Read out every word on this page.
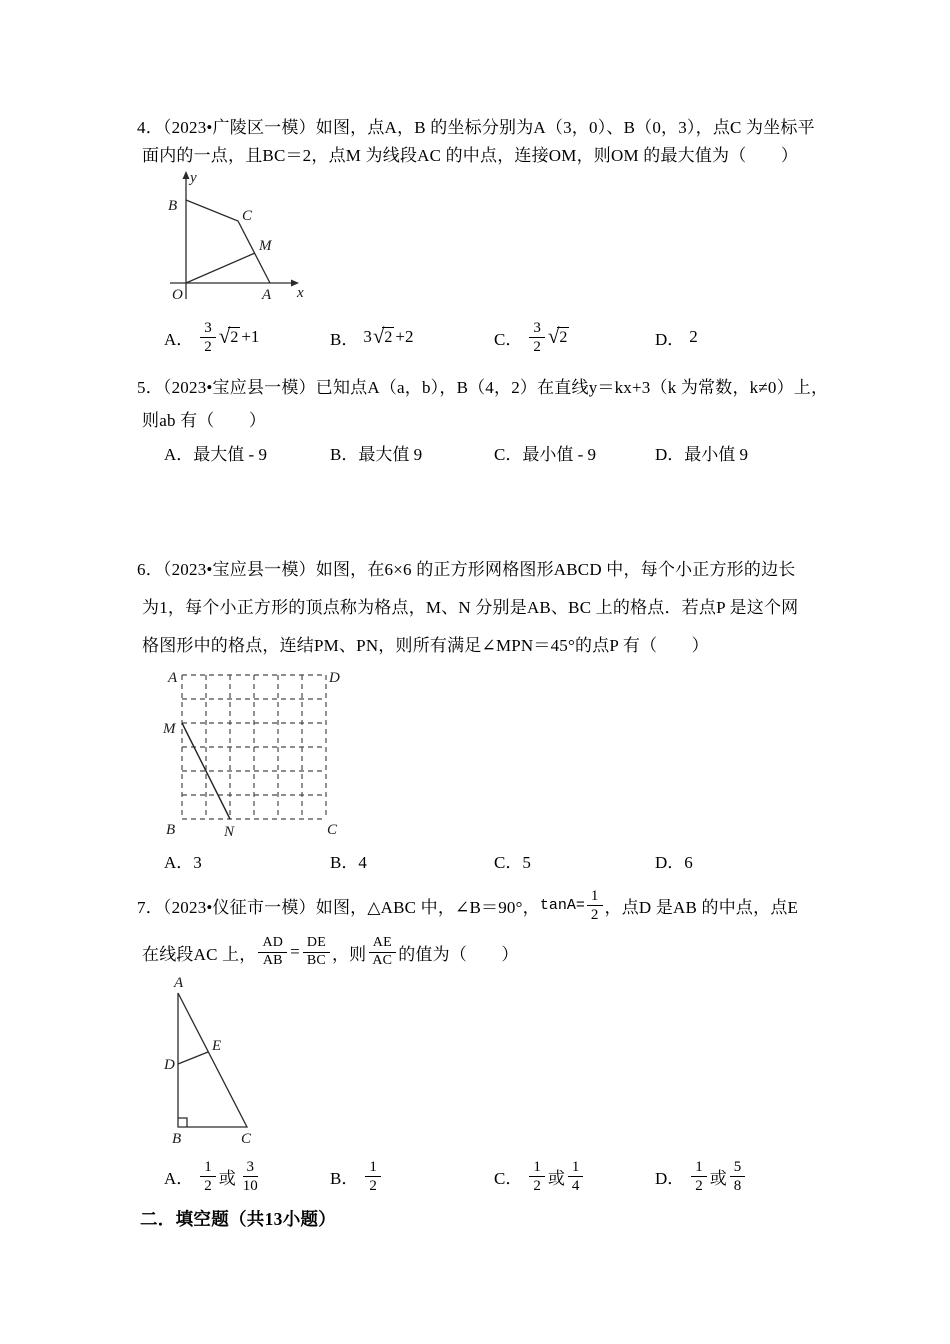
4．（2023•广陵区一模）如图，点A，B 的坐标分别为A（3，0）、B（0，3），点C 为坐标平
面内的一点，且BC＝2，点M 为线段AC 的中点，连接OM，则OM 的最大值为（　　）
y
x
O
B
C
M
A
A． $\frac{3}{2}$ √ 2 +1	B． 3 √ 2 +2	C． $\frac{3}{2}$ √ 2	D． 2
5．（2023•宝应县一模）已知点A（a，b），B（4，2）在直线y＝kx+3（k 为常数，k≠0）上，
则ab 有（　　）
A．最大值 - 9	B．最大值 9	C．最小值 - 9	D．最小值 9
6．（2023•宝应县一模）如图，在6×6 的正方形网格图形ABCD 中，每个小正方形的边长
为1，每个小正方形的顶点称为格点，M、N 分别是AB、BC 上的格点．若点P 是这个网
格图形中的格点，连结PM、PN，则所有满足∠MPN＝45°的点P 有（　　）
A	D
B	C
M
N
A．3	B．4	C．5	D．6
7．（2023•仪征市一模）如图，△ABC 中，∠B＝90°， $\tan A= \frac{1}{2}$ ，点D 是AB 的中点，点E
在线段AC 上， $\frac{AD}{AB} = \frac{DE}{BC}$ ，则 $\frac{AE}{AC}$ 的值为（　　）
A
B	C
D
E
A． $\frac{1}{2}$ 或 $\frac{3}{10}$	B． $\frac{1}{2}$	C． $\frac{1}{2}$ 或 $\frac{1}{4}$	D． $\frac{1}{2}$ 或 $\frac{5}{8}$
二．填空题（共13小题）
